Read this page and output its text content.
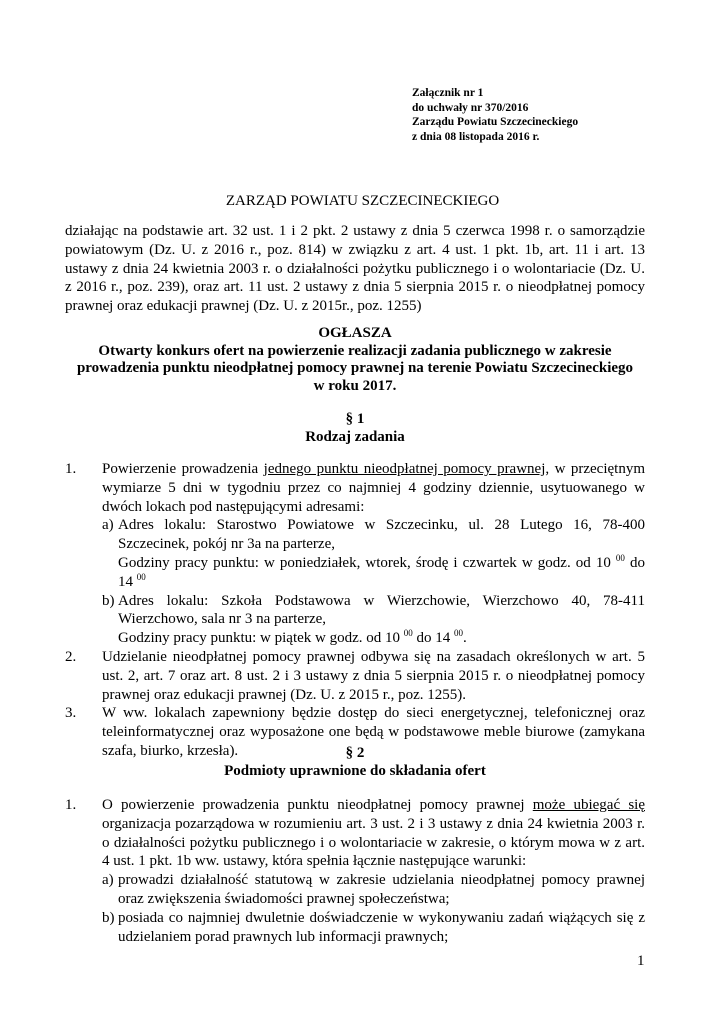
Załącznik nr 1
do uchwały nr 370/2016
Zarządu Powiatu Szczecineckiego
z dnia 08 listopada 2016 r.
ZARZĄD POWIATU SZCZECINECKIEGO
działając na podstawie art. 32 ust. 1 i 2 pkt. 2 ustawy z dnia 5 czerwca 1998 r. o samorządzie powiatowym (Dz. U. z 2016 r., poz. 814) w związku z art. 4 ust. 1 pkt. 1b, art. 11 i art. 13 ustawy z dnia 24 kwietnia 2003 r. o działalności pożytku publicznego i o wolontariacie (Dz. U. z 2016 r., poz. 239), oraz art. 11 ust. 2 ustawy z dnia 5 sierpnia 2015 r. o nieodpłatnej pomocy prawnej oraz edukacji prawnej (Dz. U. z 2015r., poz. 1255)
OGŁASZA
Otwarty konkurs ofert na powierzenie realizacji zadania publicznego w zakresie
prowadzenia punktu nieodpłatnej pomocy prawnej na terenie Powiatu Szczecineckiego
w roku 2017.
§ 1
Rodzaj zadania
1. Powierzenie prowadzenia jednego punktu nieodpłatnej pomocy prawnej, w przeciętnym wymiarze 5 dni w tygodniu przez co najmniej 4 godziny dziennie, usytuowanego w dwóch lokach pod następującymi adresami:
a) Adres lokalu: Starostwo Powiatowe w Szczecinku, ul. 28 Lutego 16, 78-400 Szczecinek, pokój nr 3a na parterze,
Godziny pracy punktu: w poniedziałek, wtorek, środę i czwartek w godz. od 10 $^{00}$ do 14 $^{00}$
b) Adres lokalu: Szkoła Podstawowa w Wierzchowie, Wierzchowo 40, 78-411 Wierzchowo, sala nr 3 na parterze,
Godziny pracy punktu: w piątek w godz. od 10 $^{00}$ do 14 $^{00}$.
2. Udzielanie nieodpłatnej pomocy prawnej odbywa się na zasadach określonych w art. 5 ust. 2, art. 7 oraz art. 8 ust. 2 i 3 ustawy z dnia 5 sierpnia 2015 r. o nieodpłatnej pomocy prawnej oraz edukacji prawnej (Dz. U. z 2015 r., poz. 1255).
3. W ww. lokalach zapewniony będzie dostęp do sieci energetycznej, telefonicznej oraz teleinformatycznej oraz wyposażone one będą w podstawowe meble biurowe (zamykana szafa, biurko, krzesła).	§ 2
Podmioty uprawnione do składania ofert
1. O powierzenie prowadzenia punktu nieodpłatnej pomocy prawnej może ubiegać się organizacja pozarządowa w rozumieniu art. 3 ust. 2 i 3 ustawy z dnia 24 kwietnia 2003 r. o działalności pożytku publicznego i o wolontariacie w zakresie, o którym mowa w z art. 4 ust. 1 pkt. 1b ww. ustawy, która spełnia łącznie następujące warunki:
a) prowadzi działalność statutową w zakresie udzielania nieodpłatnej pomocy prawnej oraz zwiększenia świadomości prawnej społeczeństwa;
b) posiada co najmniej dwuletnie doświadczenie w wykonywaniu zadań wiążących się z udzielaniem porad prawnych lub informacji prawnych;
1
